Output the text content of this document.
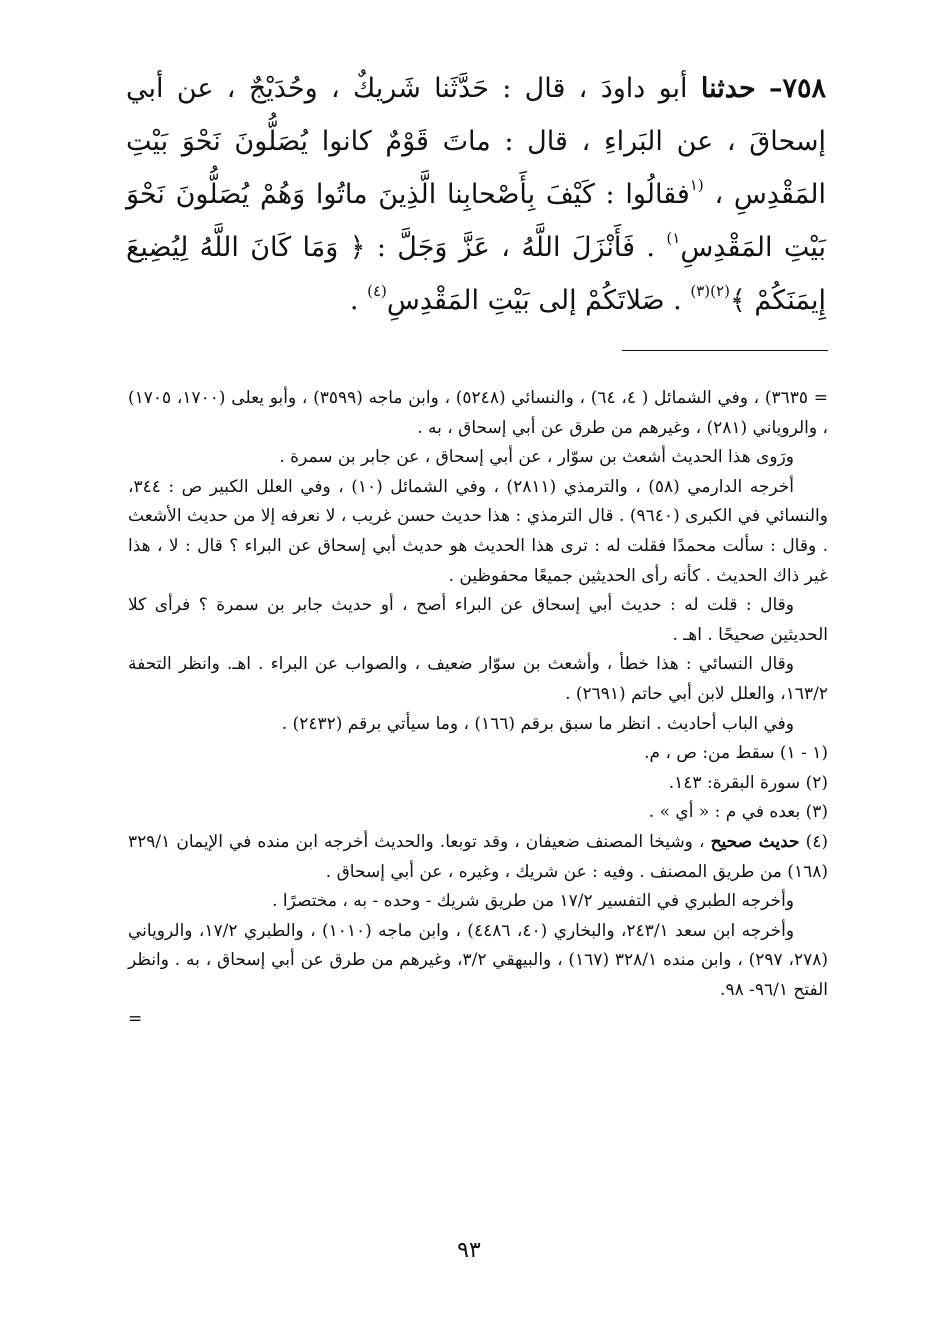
٧٥٨– حدثنا أبو داودَ ، قال : حَدَّثَنا شَريكٌ ، وحُدَيْجٌ ، عن أبي إسحاقَ ، عن البَراءِ ، قال : ماتَ قَوْمٌ كانوا يُصَلُّونَ نَحْوَ بَيْتِ المَقْدِسِ ، $^{(١}$فقالُوا : كَيْفَ بِأَصْحابِنا الَّذِينَ ماتُوا وَهُمْ يُصَلُّونَ نَحْوَ بَيْتِ المَقْدِسِ$^{١)}$ . فَأَنْزَلَ اللَّهُ ، عَزَّ وَجَلَّ : ﴿ وَمَا كَانَ اللَّهُ لِيُضِيعَ إِيمَنَكُمْ ﴾$^{(٢)(٣)}$ . صَلاتَكُمْ إلى بَيْتِ المَقْدِسِ$^{(٤)}$ .

= ٣٦٣٥) ، وفي الشمائل ( ٤، ٦٤) ، والنسائي (٥٢٤٨) ، وابن ماجه (٣٥٩٩) ، وأبو يعلى (١٧٠٠، ١٧٠٥) ، والروياني (٢٨١) ، وغيرهم من طرق عن أبي إسحاق ، به .

ورَوى هذا الحديث أشعث بن سوّار ، عن أبي إسحاق ، عن جابر بن سمرة .

أخرجه الدارمي (٥٨) ، والترمذي (٢٨١١) ، وفي الشمائل (١٠) ، وفي العلل الكبير ص : ٣٤٤، والنسائي في الكبرى (٩٦٤٠) . قال الترمذي : هذا حديث حسن غريب ، لا نعرفه إلا من حديث الأشعث . وقال : سألت محمدًا فقلت له : ترى هذا الحديث هو حديث أبي إسحاق عن البراء ؟ قال : لا ، هذا غير ذاك الحديث . كأنه رأى الحديثين جميعًا محفوظين .

وقال : قلت له : حديث أبي إسحاق عن البراء أصح ، أو حديث جابر بن سمرة ؟ فرأى كلا الحديثين صحيحًا . اهـ .

وقال النسائي : هذا خطأ ، وأشعث بن سوّار ضعيف ، والصواب عن البراء . اهـ. وانظر التحفة ١٦٣/٢، والعلل لابن أبي حاتم (٢٦٩١) .

وفي الباب أحاديث . انظر ما سبق برقم (١٦٦) ، وما سيأتي برقم (٢٤٣٢) .

(١ - ١) سقط من: ص ، م.

(٢) سورة البقرة: ١٤٣.

(٣) بعده في م : « أي » .

(٤) حديث صحيح ، وشيخا المصنف ضعيفان ، وقد توبعا. والحديث أخرجه ابن منده في الإيمان ٣٢٩/١ (١٦٨) من طريق المصنف . وفيه : عن شريك ، وغيره ، عن أبي إسحاق .

وأخرجه الطبري في التفسير ١٧/٢ من طريق شريك - وحده - به ، مختصرًا .

وأخرجه ابن سعد ٢٤٣/١، والبخاري (٤٠، ٤٤٨٦) ، وابن ماجه (١٠١٠) ، والطبري ١٧/٢، والروياني (٢٧٨، ٢٩٧) ، وابن منده ٣٢٨/١ (١٦٧) ، والبيهقي ٣/٢، وغيرهم من طرق عن أبي إسحاق ، به . وانظر الفتح ٩٦/١- ٩٨.

=

٩٣
